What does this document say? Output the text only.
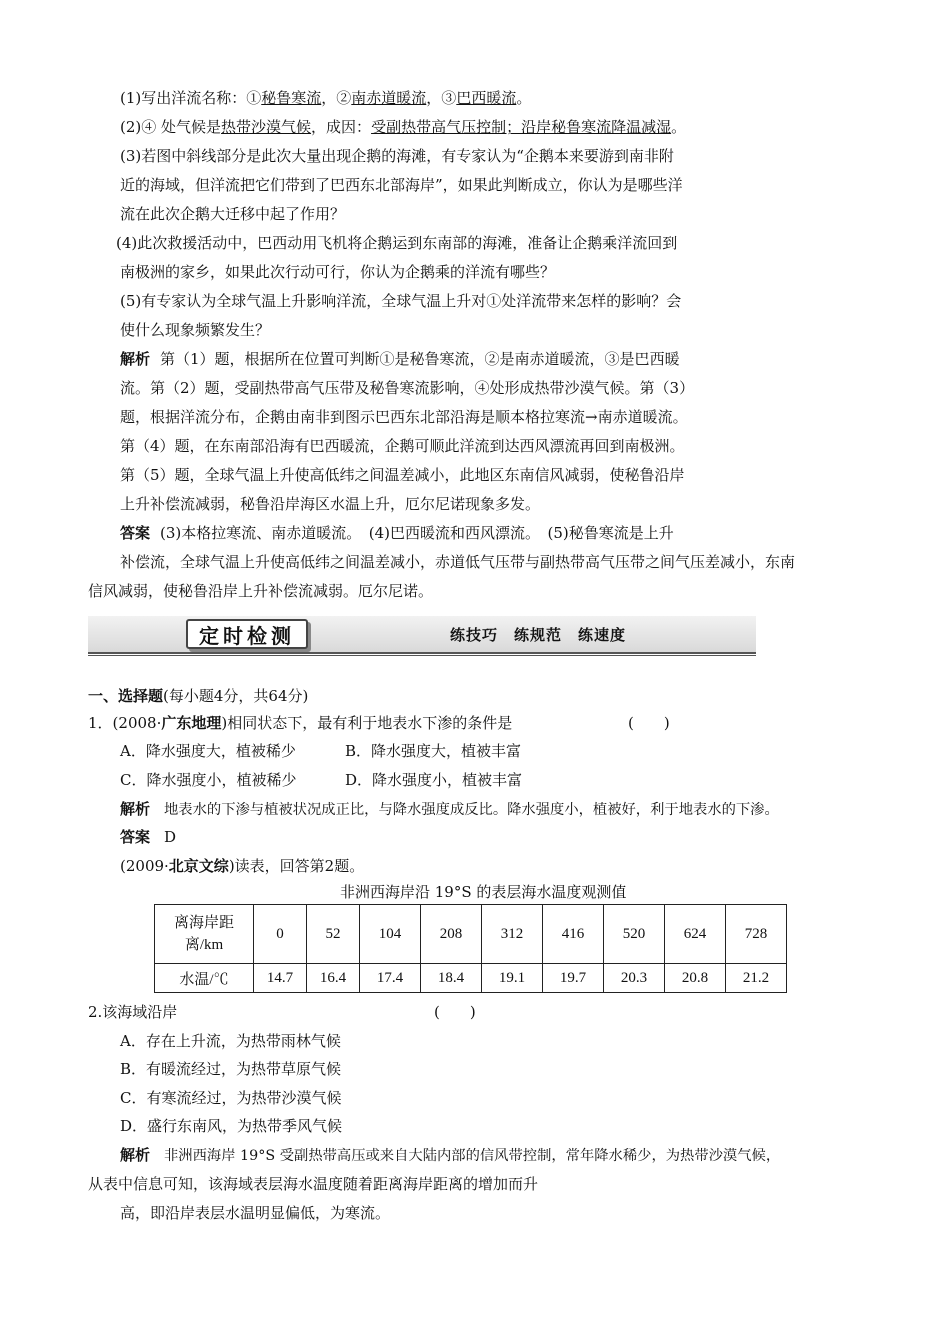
(1)写出洋流名称：①秘鲁寒流，②南赤道暖流，③巴西暖流。
(2)④ 处气候是热带沙漠气候，成因：受副热带高气压控制；沿岸秘鲁寒流降温减湿。
(3)若图中斜线部分是此次大量出现企鹅的海滩，有专家认为“企鹅本来要游到南非附
近的海域，但洋流把它们带到了巴西东北部海岸”，如果此判断成立，你认为是哪些洋
流在此次企鹅大迁移中起了作用？
(4)此次救援活动中，巴西动用飞机将企鹅运到东南部的海滩，准备让企鹅乘洋流回到
南极洲的家乡，如果此次行动可行，你认为企鹅乘的洋流有哪些？
(5)有专家认为全球气温上升影响洋流，全球气温上升对①处洋流带来怎样的影响？会
使什么现象频繁发生？
解析 第（1）题，根据所在位置可判断①是秘鲁寒流，②是南赤道暖流，③是巴西暖
流。第（2）题，受副热带高气压带及秘鲁寒流影响，④处形成热带沙漠气候。第（3）
题，根据洋流分布，企鹅由南非到图示巴西东北部沿海是顺本格拉寒流→南赤道暖流。
第（4）题，在东南部沿海有巴西暖流，企鹅可顺此洋流到达西风漂流再回到南极洲。
第（5）题，全球气温上升使高低纬之间温差减小，此地区东南信风减弱，使秘鲁沿岸
上升补偿流减弱，秘鲁沿岸海区水温上升，厄尔尼诺现象多发。
答案 (3)本格拉寒流、南赤道暖流。　(4)巴西暖流和西风漂流。　(5)秘鲁寒流是上升
补偿流，全球气温上升使高低纬之间温差减小，赤道低气压带与副热带高气压带之间气压差减小，东南
信风减弱，使秘鲁沿岸上升补偿流减弱。厄尔尼诺。
定时检测	练技巧　练规范　练速度
一、选择题(每小题4分，共64分)
1．(2008·广东地理)相同状态下，最有利于地表水下渗的条件是	(　　)
A．降水强度大，植被稀少	B．降水强度大，植被丰富
C．降水强度小，植被稀少	D．降水强度小，植被丰富
解析 地表水的下渗与植被状况成正比，与降水强度成反比。降水强度小，植被好，利于地表水的下渗。
答案 D
(2009·北京文综)读表，回答第2题。
非洲西海岸沿 19°S 的表层海水温度观测值
离海岸距离/km	0	52	104	208	312	416	520	624	728
水温/℃	14.7	16.4	17.4	18.4	19.1	19.7	20.3	20.8	21.2
2.该海域沿岸	(　　)
A．存在上升流，为热带雨林气候
B．有暖流经过，为热带草原气候
C．有寒流经过，为热带沙漠气候
D．盛行东南风，为热带季风气候
解析 非洲西海岸 19°S 受副热带高压或来自大陆内部的信风带控制，常年降水稀少，为热带沙漠气候，
从表中信息可知，该海域表层海水温度随着距离海岸距离的增加而升
高，即沿岸表层水温明显偏低，为寒流。
